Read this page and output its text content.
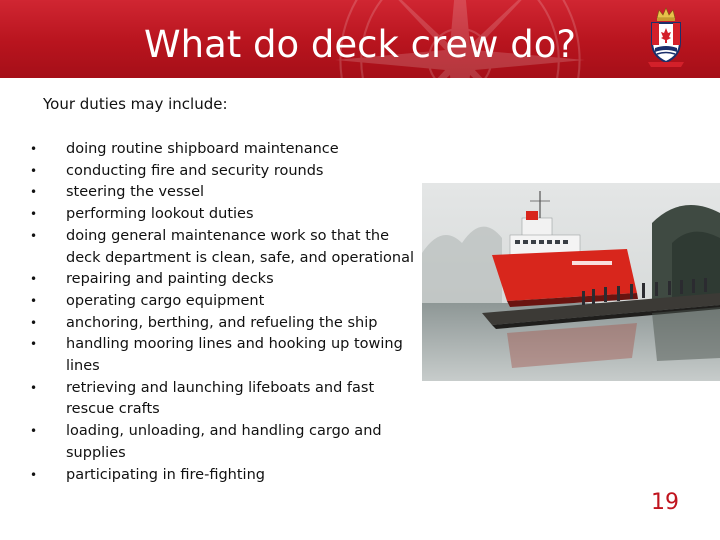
What do deck crew do?
Your duties may include:
• doing routine shipboard maintenance
• conducting fire and security rounds
• steering the vessel
• performing lookout duties
• doing general maintenance work so that the deck department is clean, safe, and operational
• repairing and painting decks
• operating cargo equipment
• anchoring, berthing, and refueling the ship
• handling mooring lines and hooking up towing lines
• retrieving and launching lifeboats and fast rescue crafts
• loading, unloading, and handling cargo and supplies
• participating in fire-fighting
19
